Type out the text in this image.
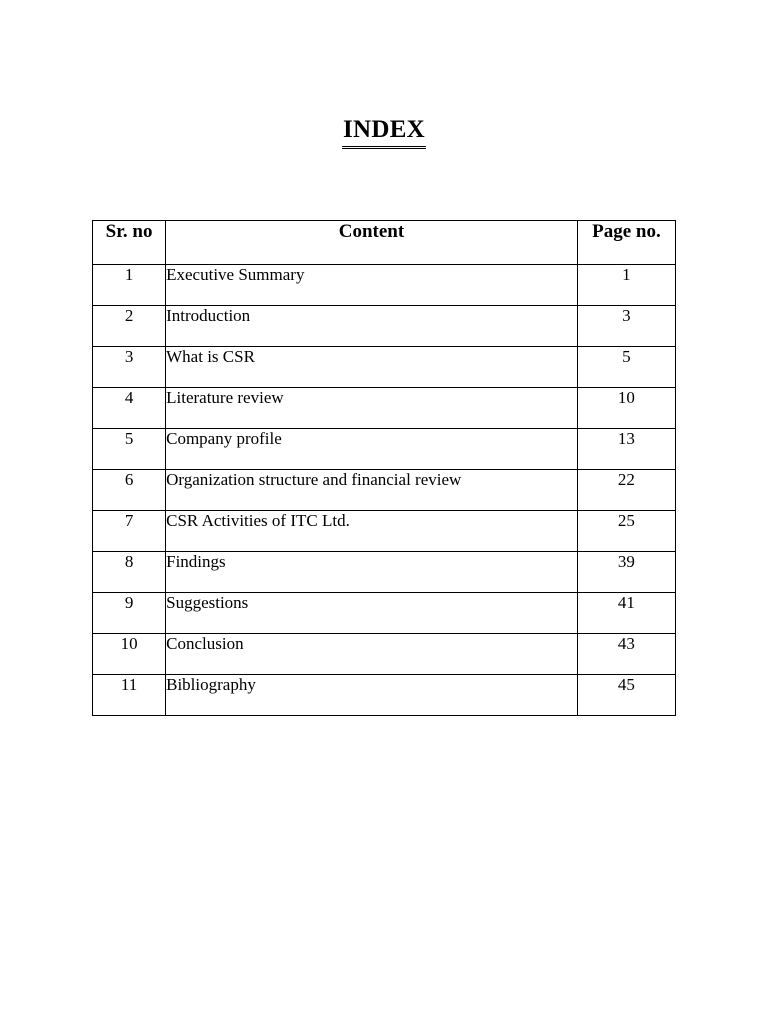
INDEX
Sr. no	Content	Page no.
1	Executive Summary	1
2	Introduction	3
3	What is CSR	5
4	Literature review	10
5	Company profile	13
6	Organization structure and financial review	22
7	CSR Activities of ITC Ltd.	25
8	Findings	39
9	Suggestions	41
10	Conclusion	43
11	Bibliography	45
